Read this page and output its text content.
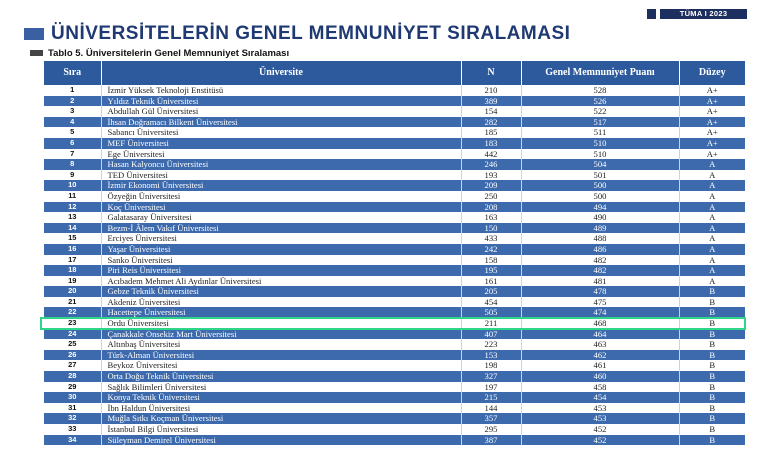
TÜMA I 2023
ÜNİVERSİTELERİN GENEL MEMNUNİYET SIRALAMASI
Tablo 5. Üniversitelerin Genel Memnuniyet Sıralaması
Sıra	Üniversite	N	Genel Memnuniyet Puanı	Düzey
1	İzmir Yüksek Teknoloji Enstitüsü	210	528	A+
2	Yıldız Teknik Üniversitesi	389	526	A+
3	Abdullah Gül Üniversitesi	154	522	A+
4	İhsan Doğramacı Bilkent Üniversitesi	282	517	A+
5	Sabancı Üniversitesi	185	511	A+
6	MEF Üniversitesi	183	510	A+
7	Ege Üniversitesi	442	510	A+
8	Hasan Kalyoncu Üniversitesi	246	504	A
9	TED Üniversitesi	193	501	A
10	İzmir Ekonomi Üniversitesi	209	500	A
11	Özyeğin Üniversitesi	250	500	A
12	Koç Üniversitesi	208	494	A
13	Galatasaray Üniversitesi	163	490	A
14	Bezm-İ Âlem Vakıf Üniversitesi	150	489	A
15	Erciyes Üniversitesi	433	488	A
16	Yaşar Üniversitesi	242	486	A
17	Sanko Üniversitesi	158	482	A
18	Piri Reis Üniversitesi	195	482	A
19	Acıbadem Mehmet Ali Aydınlar Üniversitesi	161	481	A
20	Gebze Teknik Üniversitesi	205	478	B
21	Akdeniz Üniversitesi	454	475	B
22	Hacettepe Üniversitesi	505	474	B
23	Ordu Üniversitesi	211	468	B
24	Çanakkale Onsekiz Mart Üniversitesi	407	464	B
25	Altınbaş Üniversitesi	223	463	B
26	Türk-Alman Üniversitesi	153	462	B
27	Beykoz Üniversitesi	198	461	B
28	Orta Doğu Teknik Üniversitesi	327	460	B
29	Sağlık Bilimleri Üniversitesi	197	458	B
30	Konya Teknik Üniversitesi	215	454	B
31	İbn Haldun Üniversitesi	144	453	B
32	Muğla Sıtkı Koçman Üniversitesi	357	453	B
33	İstanbul Bilgi Üniversitesi	295	452	B
34	Süleyman Demirel Üniversitesi	387	452	B
